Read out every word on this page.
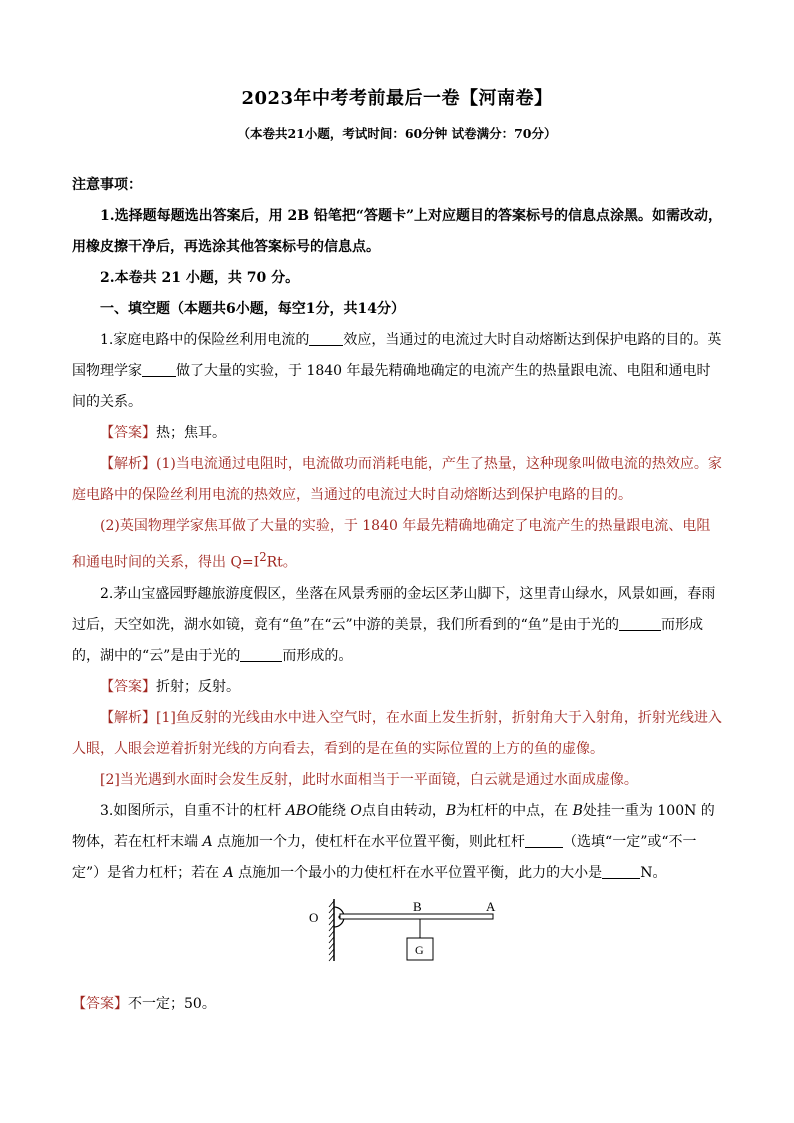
2023年中考考前最后一卷【河南卷】
（本卷共21小题，考试时间：60分钟 试卷满分：70分）

注意事项：

1.选择题每题选出答案后，用 2B 铅笔把“答题卡”上对应题目的答案标号的信息点涂黑。如需改动，用橡皮擦干净后，再选涂其他答案标号的信息点。

2.本卷共 21 小题，共 70 分。

一、填空题（本题共6小题，每空1分，共14分）

1.家庭电路中的保险丝利用电流的 效应，当通过的电流过大时自动熔断达到保护电路的目的。英国物理学家 做了大量的实验，于 1840 年最先精确地确定的电流产生的热量跟电流、电阻和通电时间的关系。

【答案】热；焦耳。

【解析】(1)当电流通过电阻时，电流做功而消耗电能，产生了热量，这种现象叫做电流的热效应。家庭电路中的保险丝利用电流的热效应，当通过的电流过大时自动熔断达到保护电路的目的。

(2)英国物理学家焦耳做了大量的实验，于 1840 年最先精确地确定了电流产生的热量跟电流、电阻和通电时间的关系，得出 $Q=I^2Rt$。

2.茅山宝盛园野趣旅游度假区，坐落在风景秀丽的金坛区茅山脚下，这里青山绿水，风景如画，春雨过后，天空如洗，湖水如镜，竟有“鱼”在“云”中游的美景，我们所看到的“鱼”是由于光的	而形成的，湖中的“云”是由于光的	而形成的。

【答案】折射；反射。

【解析】[1]鱼反射的光线由水中进入空气时，在水面上发生折射，折射角大于入射角，折射光线进入人眼，人眼会逆着折射光线的方向看去，看到的是在鱼的实际位置的上方的鱼的虚像。

[2]当光遇到水面时会发生反射，此时水面相当于一平面镜，白云就是通过水面成虚像。

3.如图所示，自重不计的杠杆 ABO能绕 O点自由转动，B为杠杆的中点，在 B处挂一重为 100N 的物体，若在杠杆末端 A 点施加一个力，使杠杆在水平位置平衡，则此杠杆	（选填“一定”或“不一定”）是省力杠杆；若在 A 点施加一个最小的力使杠杆在水平位置平衡，此力的大小是	N。

O
B	A
G

【答案】不一定；50。
